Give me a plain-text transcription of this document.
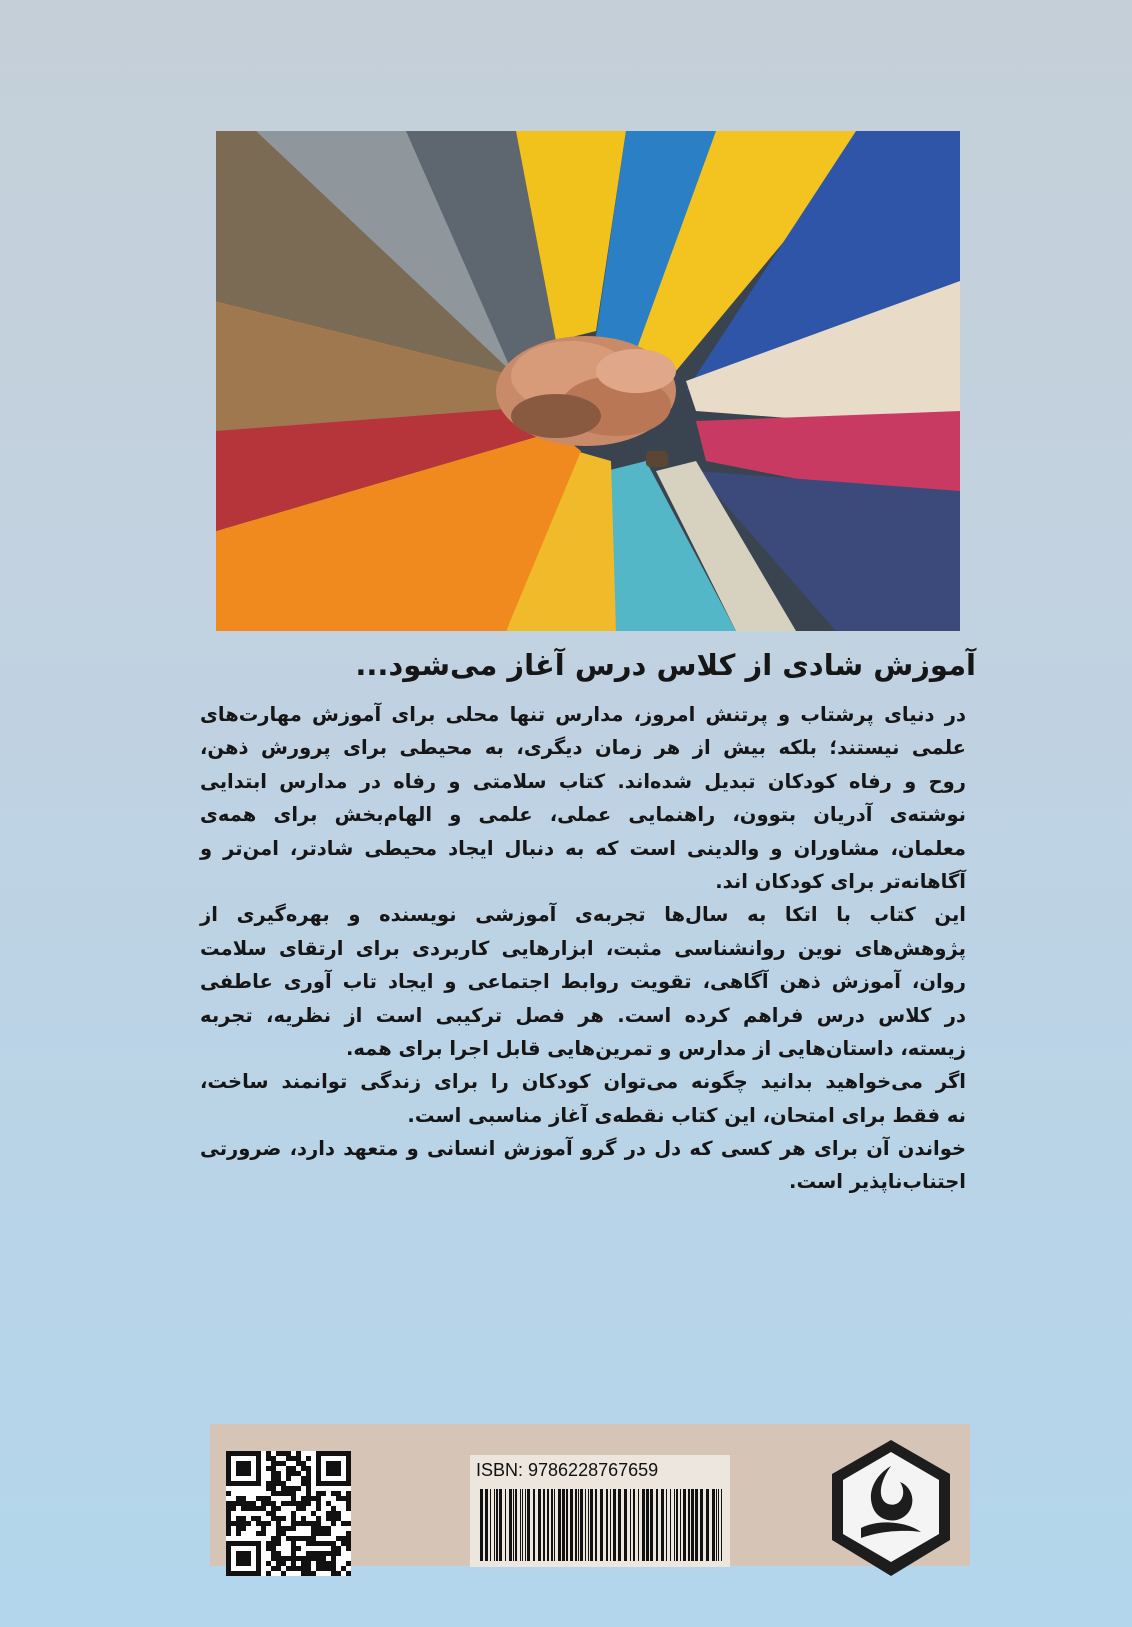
آموزش شادی از کلاس درس آغاز می‌شود...
در دنیای پرشتاب و پرتنش امروز، مدارس تنها محلی برای آموزش مهارت‌های
علمی نیستند؛ بلکه بیش از هر زمان دیگری، به محیطی برای پرورش ذهن،
روح و رفاه کودکان تبدیل شده‌اند. کتاب سلامتی و رفاه در مدارس ابتدایی
نوشته‌ی آدریان بتوون، راهنمایی عملی، علمی و الهام‌بخش برای همه‌ی
معلمان، مشاوران و والدینی است که به دنبال ایجاد محیطی شادتر، امن‌تر و
آگاهانه‌تر برای کودکان اند.
این کتاب با اتکا به سال‌ها تجربه‌ی آموزشی نویسنده و بهره‌گیری از
پژوهش‌های نوین روانشناسی مثبت، ابزارهایی کاربردی برای ارتقای سلامت
روان، آموزش ذهن آگاهی، تقویت روابط اجتماعی و ایجاد تاب آوری عاطفی
در کلاس درس فراهم کرده است. هر فصل ترکیبی است از نظریه، تجربه
زیسته، داستان‌هایی از مدارس و تمرین‌هایی قابل اجرا برای همه.
اگر می‌خواهید بدانید چگونه می‌توان کودکان را برای زندگی توانمند ساخت،
نه فقط برای امتحان، این کتاب نقطه‌ی آغاز مناسبی است.
خواندن آن برای هر کسی که دل در گرو آموزش انسانی و متعهد دارد، ضرورتی
اجتناب‌ناپذیر است.
ISBN: 9786228767659
